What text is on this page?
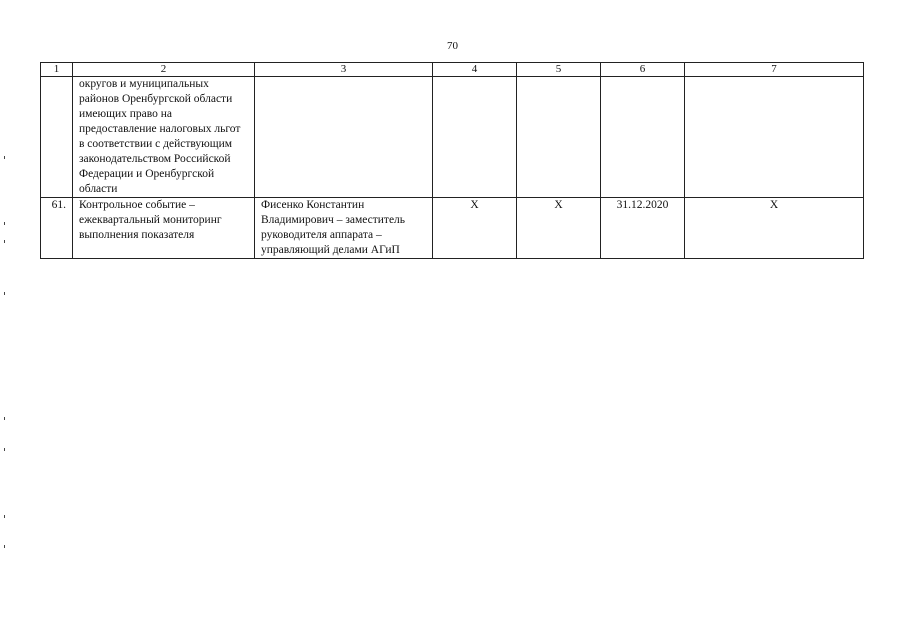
70
1	2	3	4	5	6	7
	округов и муниципальных районов Оренбургской области имеющих право на предоставление налоговых льгот в соответствии с действующим законодательством Российской Федерации и Оренбургской области					
61.	Контрольное событие – ежеквартальный мониторинг выполнения показателя	Фисенко Константин Владимирович – заместитель руководителя аппарата – управляющий делами АГиП	Х	Х	31.12.2020	Х
